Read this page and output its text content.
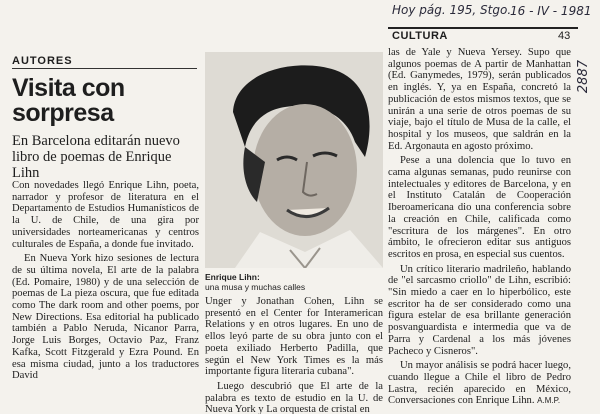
Hoy pág. 195, Stgo.
16 - IV - 1981
2887
CULTURA	43
AUTORES
Visita con sorpresa
En Barcelona editarán nuevo libro de poemas de Enrique Lihn
Enrique Lihn:
una musa y muchas calles

Con novedades llegó Enrique Lihn, poeta, narrador y profesor de literatura en el Departamento de Estudios Humanísticos de la U. de Chile, de una gira por universidades norteamericanas y centros culturales de España, a donde fue invitado.

En Nueva York hizo sesiones de lectura de su última novela, El arte de la palabra (Ed. Pomaire, 1980) y de una selección de poemas de La pieza oscura, que fue editada como The dark room and other poems, por New Directions. Esa editorial ha publicado también a Pablo Neruda, Nicanor Parra, Jorge Luis Borges, Octavio Paz, Franz Kafka, Scott Fitzgerald y Ezra Pound. En esa misma ciudad, junto a los traductores David

Unger y Jonathan Cohen, Lihn se presentó en el Center for Interamerican Relations y en otros lugares. En uno de ellos leyó parte de su obra junto con el poeta exiliado Herberto Padilla, que según el New York Times es la más importante figura literaria cubana".

Luego descubrió que El arte de la palabra es texto de estudio en la U. de Nueva York y La orquesta de cristal en

las de Yale y Nueva Yersey. Supo que algunos poemas de A partir de Manhattan (Ed. Ganymedes, 1979), serán publicados en inglés. Y, ya en España, concretó la publicación de estos mismos textos, que se unirán a una serie de otros poemas de su viaje, bajo el título de Musa de la calle, el hospital y los museos, que saldrán en la Ed. Argonauta en agosto próximo.

Pese a una dolencia que lo tuvo en cama algunas semanas, pudo reunirse con intelectuales y editores de Barcelona, y en el Instituto Catalán de Cooperación Iberoamericana dio una conferencia sobre la creación en Chile, calificada como "escritura de los márgenes". En otro ámbito, le ofrecieron editar sus antiguos escritos en prosa, en especial sus cuentos.

Un crítico literario madrileño, hablando de "el sarcasmo criollo" de Lihn, escribió: "Sin miedo a caer en lo hiperbólico, este escritor ha de ser considerado como una figura estelar de esa brillante generación posvanguardista e intermedia que va de Parra y Cardenal a los más jóvenes Pacheco y Cisneros".

Un mayor análisis se podrá hacer luego, cuando llegue a Chile el libro de Pedro Lastra, recién aparecido en México, Conversaciones con Enrique Lihn. A.M.P.
